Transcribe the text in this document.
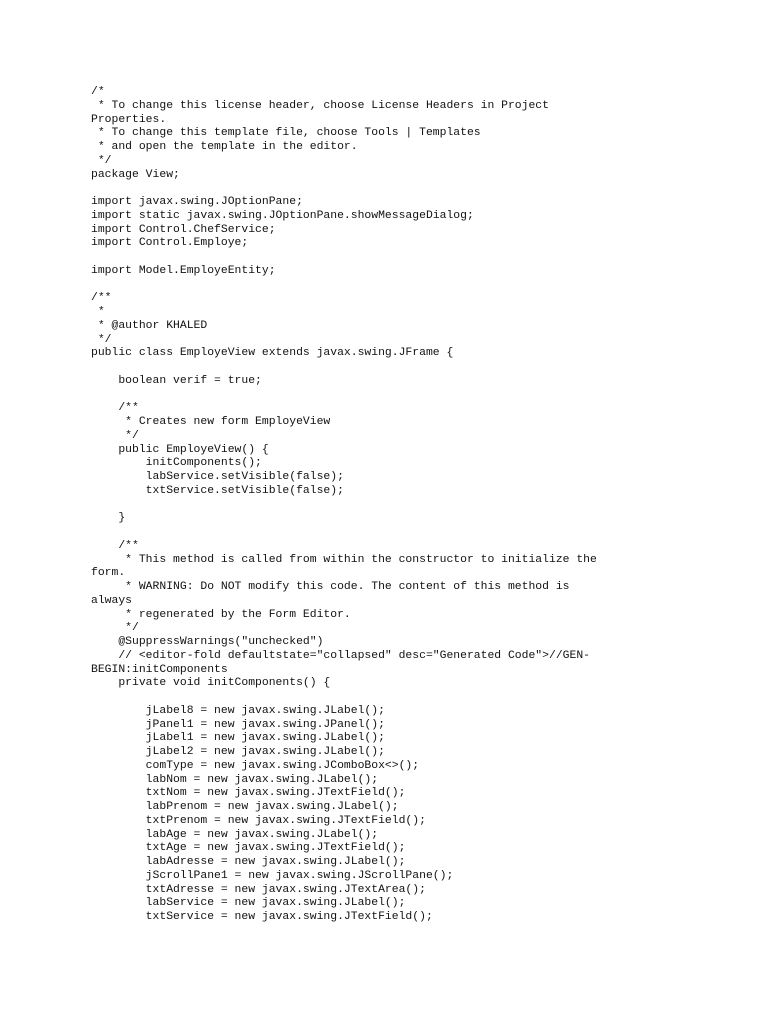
/*
* To change this license header, choose License Headers in Project
Properties.
* To change this template file, choose Tools | Templates
* and open the template in the editor.
*/
package View;
import javax.swing.JOptionPane;
import static javax.swing.JOptionPane.showMessageDialog;
import Control.ChefService;
import Control.Employe;
import Model.EmployeEntity;
/**
*
* @author KHALED
*/
public class EmployeView extends javax.swing.JFrame {
boolean verif = true;
/**
* Creates new form EmployeView
*/
public EmployeView() {
initComponents();
labService.setVisible(false);
txtService.setVisible(false);
}
/**
* This method is called from within the constructor to initialize the
form.
* WARNING: Do NOT modify this code. The content of this method is
always
* regenerated by the Form Editor.
*/
@SuppressWarnings("unchecked")
// <editor-fold defaultstate="collapsed" desc="Generated Code">//GEN-
BEGIN:initComponents
private void initComponents() {
jLabel8 = new javax.swing.JLabel();
jPanel1 = new javax.swing.JPanel();
jLabel1 = new javax.swing.JLabel();
jLabel2 = new javax.swing.JLabel();
comType = new javax.swing.JComboBox<>();
labNom = new javax.swing.JLabel();
txtNom = new javax.swing.JTextField();
labPrenom = new javax.swing.JLabel();
txtPrenom = new javax.swing.JTextField();
labAge = new javax.swing.JLabel();
txtAge = new javax.swing.JTextField();
labAdresse = new javax.swing.JLabel();
jScrollPane1 = new javax.swing.JScrollPane();
txtAdresse = new javax.swing.JTextArea();
labService = new javax.swing.JLabel();
txtService = new javax.swing.JTextField();
